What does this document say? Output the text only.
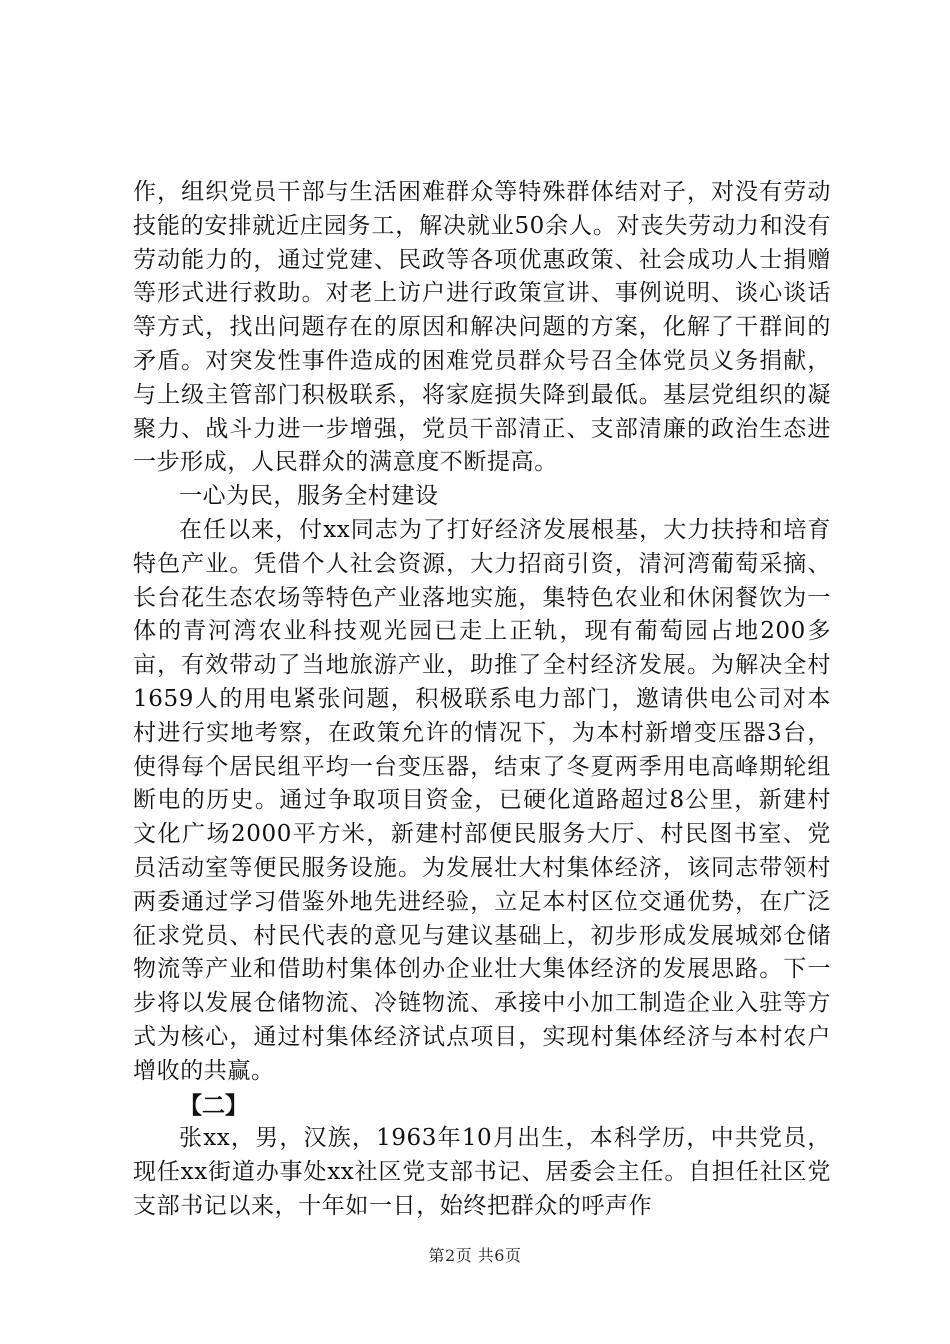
作，组织党员干部与生活困难群众等特殊群体结对子，对没有劳动技能的安排就近庄园务工，解决就业50余人。对丧失劳动力和没有劳动能力的，通过党建、民政等各项优惠政策、社会成功人士捐赠等形式进行救助。对老上访户进行政策宣讲、事例说明、谈心谈话等方式，找出问题存在的原因和解决问题的方案，化解了干群间的矛盾。对突发性事件造成的困难党员群众号召全体党员义务捐献，与上级主管部门积极联系，将家庭损失降到最低。基层党组织的凝聚力、战斗力进一步增强，党员干部清正、支部清廉的政治生态进一步形成，人民群众的满意度不断提高。

一心为民，服务全村建设

在任以来，付xx同志为了打好经济发展根基，大力扶持和培育特色产业。凭借个人社会资源，大力招商引资，清河湾葡萄采摘、长台花生态农场等特色产业落地实施，集特色农业和休闲餐饮为一体的青河湾农业科技观光园已走上正轨，现有葡萄园占地200多亩，有效带动了当地旅游产业，助推了全村经济发展。为解决全村1659人的用电紧张问题，积极联系电力部门，邀请供电公司对本村进行实地考察，在政策允许的情况下，为本村新增变压器3台，使得每个居民组平均一台变压器，结束了冬夏两季用电高峰期轮组断电的历史。通过争取项目资金，已硬化道路超过8公里，新建村文化广场2000平方米，新建村部便民服务大厅、村民图书室、党员活动室等便民服务设施。为发展壮大村集体经济，该同志带领村两委通过学习借鉴外地先进经验，立足本村区位交通优势，在广泛征求党员、村民代表的意见与建议基础上，初步形成发展城郊仓储物流等产业和借助村集体创办企业壮大集体经济的发展思路。下一步将以发展仓储物流、冷链物流、承接中小加工制造企业入驻等方式为核心，通过村集体经济试点项目，实现村集体经济与本村农户增收的共赢。

【二】

张xx，男，汉族，1963年10月出生，本科学历，中共党员，现任xx街道办事处xx社区党支部书记、居委会主任。自担任社区党支部书记以来，十年如一日，始终把群众的呼声作

第2页 共6页
